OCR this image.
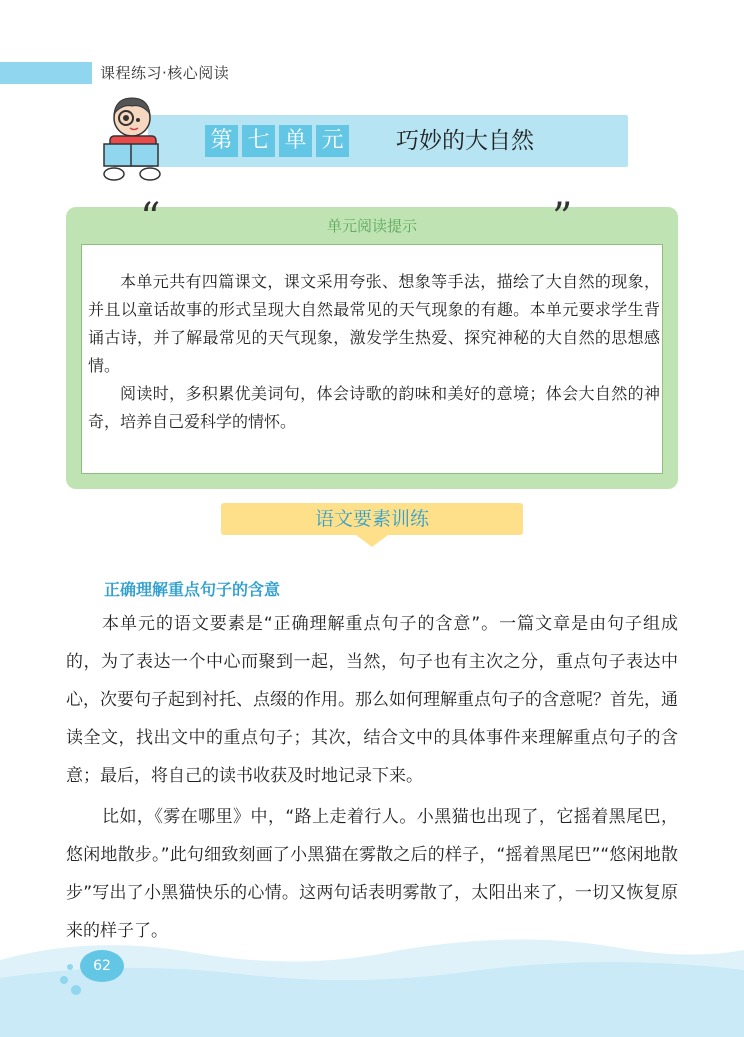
课程练习·核心阅读
第 七 单 元 巧妙的大自然
“	”
单元阅读提示

本单元共有四篇课文，课文采用夸张、想象等手法，描绘了大自然的现象，并且以童话故事的形式呈现大自然最常见的天气现象的有趣。本单元要求学生背诵古诗，并了解最常见的天气现象，激发学生热爱、探究神秘的大自然的思想感情。

阅读时，多积累优美词句，体会诗歌的韵味和美好的意境；体会大自然的神奇，培养自己爱科学的情怀。

语文要素训练
正确理解重点句子的含意

本单元的语文要素是“正确理解重点句子的含意”。一篇文章是由句子组成的，为了表达一个中心而聚到一起，当然，句子也有主次之分，重点句子表达中心，次要句子起到衬托、点缀的作用。那么如何理解重点句子的含意呢？首先，通读全文，找出文中的重点句子；其次，结合文中的具体事件来理解重点句子的含意；最后，将自己的读书收获及时地记录下来。

比如，《雾在哪里》中，“路上走着行人。小黑猫也出现了，它摇着黑尾巴，悠闲地散步。”此句细致刻画了小黑猫在雾散之后的样子，“摇着黑尾巴”“悠闲地散步”写出了小黑猫快乐的心情。这两句话表明雾散了，太阳出来了，一切又恢复原来的样子了。

62
